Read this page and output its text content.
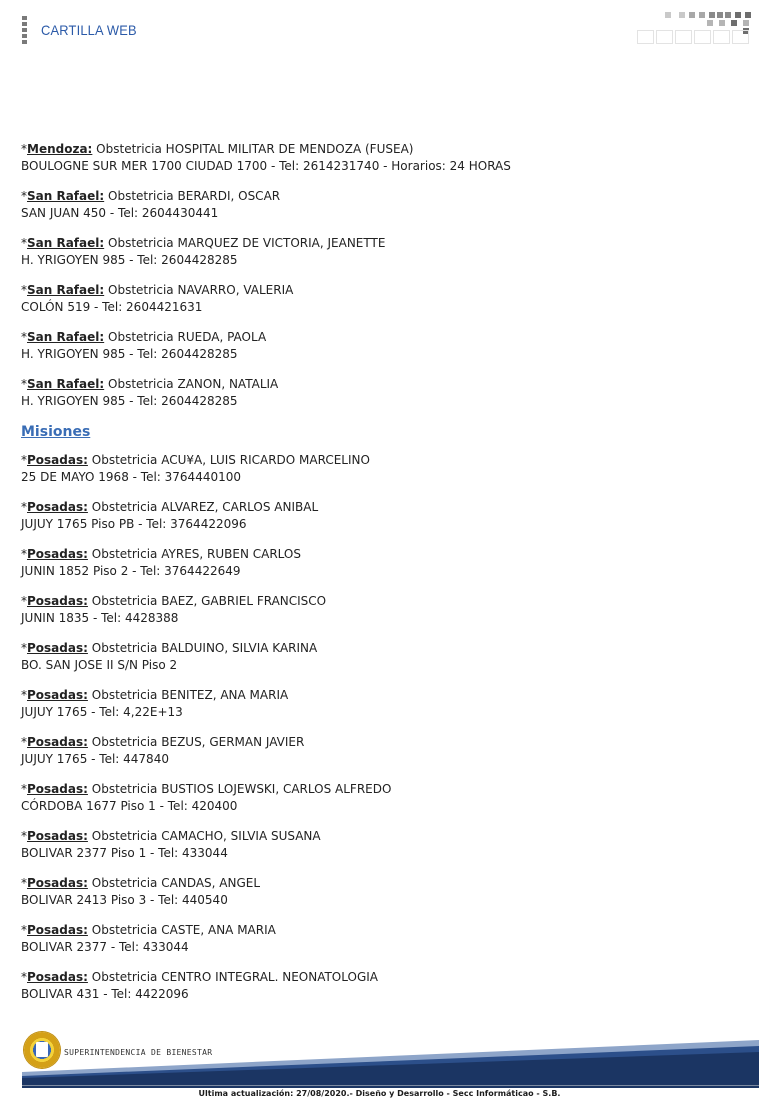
CARTILLA WEB
*Mendoza: Obstetricia HOSPITAL MILITAR DE MENDOZA (FUSEA)
BOULOGNE SUR MER 1700 CIUDAD 1700 - Tel: 2614231740 - Horarios: 24 HORAS
*San Rafael: Obstetricia BERARDI, OSCAR
SAN JUAN 450 - Tel: 2604430441
*San Rafael: Obstetricia MARQUEZ DE VICTORIA, JEANETTE
H. YRIGOYEN 985 - Tel: 2604428285
*San Rafael: Obstetricia NAVARRO, VALERIA
COLÓN 519 - Tel: 2604421631
*San Rafael: Obstetricia RUEDA, PAOLA
H. YRIGOYEN 985 - Tel: 2604428285
*San Rafael: Obstetricia ZANON, NATALIA
H. YRIGOYEN 985 - Tel: 2604428285
Misiones
*Posadas: Obstetricia ACU¥A, LUIS RICARDO MARCELINO
25 DE MAYO 1968 - Tel: 3764440100
*Posadas: Obstetricia ALVAREZ, CARLOS ANIBAL
JUJUY 1765 Piso PB - Tel: 3764422096
*Posadas: Obstetricia AYRES, RUBEN CARLOS
JUNIN 1852 Piso 2 - Tel: 3764422649
*Posadas: Obstetricia BAEZ, GABRIEL FRANCISCO
JUNIN 1835 - Tel: 4428388
*Posadas: Obstetricia BALDUINO, SILVIA KARINA
BO. SAN JOSE II S/N Piso 2
*Posadas: Obstetricia BENITEZ, ANA MARIA
JUJUY 1765 - Tel: 4,22E+13
*Posadas: Obstetricia BEZUS, GERMAN JAVIER
JUJUY 1765 - Tel: 447840
*Posadas: Obstetricia BUSTIOS LOJEWSKI, CARLOS ALFREDO
CÓRDOBA 1677 Piso 1 - Tel: 420400
*Posadas: Obstetricia CAMACHO, SILVIA SUSANA
BOLIVAR 2377 Piso 1 - Tel: 433044
*Posadas: Obstetricia CANDAS, ANGEL
BOLIVAR 2413 Piso 3 - Tel: 440540
*Posadas: Obstetricia CASTE, ANA MARIA
BOLIVAR 2377 - Tel: 433044
*Posadas: Obstetricia CENTRO INTEGRAL. NEONATOLOGIA
BOLIVAR 431 - Tel: 4422096
SUPERINTENDENCIA DE BIENESTAR
Ultima actualización: 27/08/2020.- Diseño y Desarrollo - Secc Informáticao - S.B.
